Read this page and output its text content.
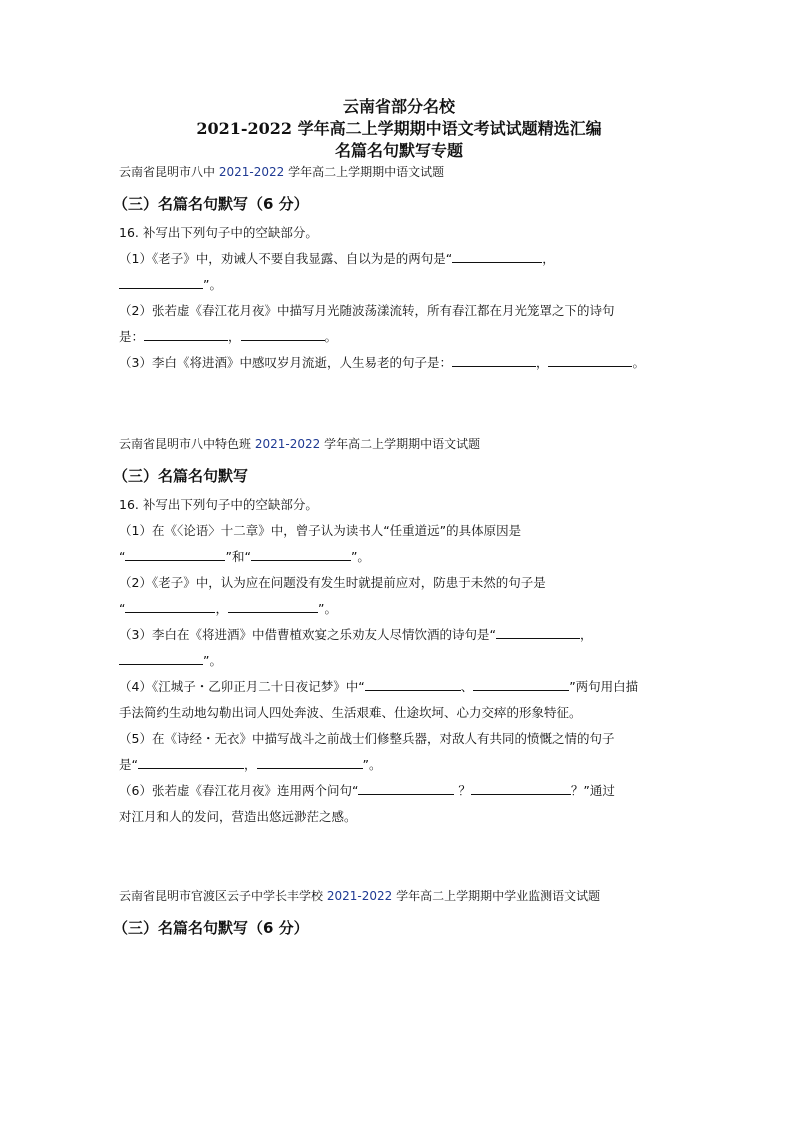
云南省部分名校

2021-2022 学年高二上学期期中语文考试试题精选汇编

名篇名句默写专题

云南省昆明市八中 2021-2022 学年高二上学期期中语文试题

（三）名篇名句默写（6 分）

16. 补写出下列句子中的空缺部分。

（1）《老子》中，劝诫人不要自我显露、自以为是的两句是“	，

”。

（2）张若虚《春江花月夜》中描写月光随波荡漾流转，所有春江都在月光笼罩之下的诗句

是：	，	。

（3）李白《将进酒》中感叹岁月流逝，人生易老的句子是：	，	。

云南省昆明市八中特色班 2021-2022 学年高二上学期期中语文试题

（三）名篇名句默写

16. 补写出下列句子中的空缺部分。

（1）在《〈论语〉十二章》中，曾子认为读书人“任重道远”的具体原因是

“	”和“	”。

（2）《老子》中，认为应在问题没有发生时就提前应对，防患于未然的句子是

“	，	”。

（3）李白在《将进酒》中借曹植欢宴之乐劝友人尽情饮酒的诗句是“	，

”。

（4）《江城子・乙卯正月二十日夜记梦》中“	、	”两句用白描

手法简约生动地勾勒出词人四处奔波、生活艰难、仕途坎坷、心力交瘁的形象特征。

（5）在《诗经・无衣》中描写战斗之前战士们修整兵器，对敌人有共同的愤慨之情的句子

是“	，	”。

（6）张若虚《春江花月夜》连用两个问句“	？	？”通过

对江月和人的发问，营造出悠远渺茫之感。

云南省昆明市官渡区云子中学长丰学校 2021-2022 学年高二上学期期中学业监测语文试题

（三）名篇名句默写（6 分）
